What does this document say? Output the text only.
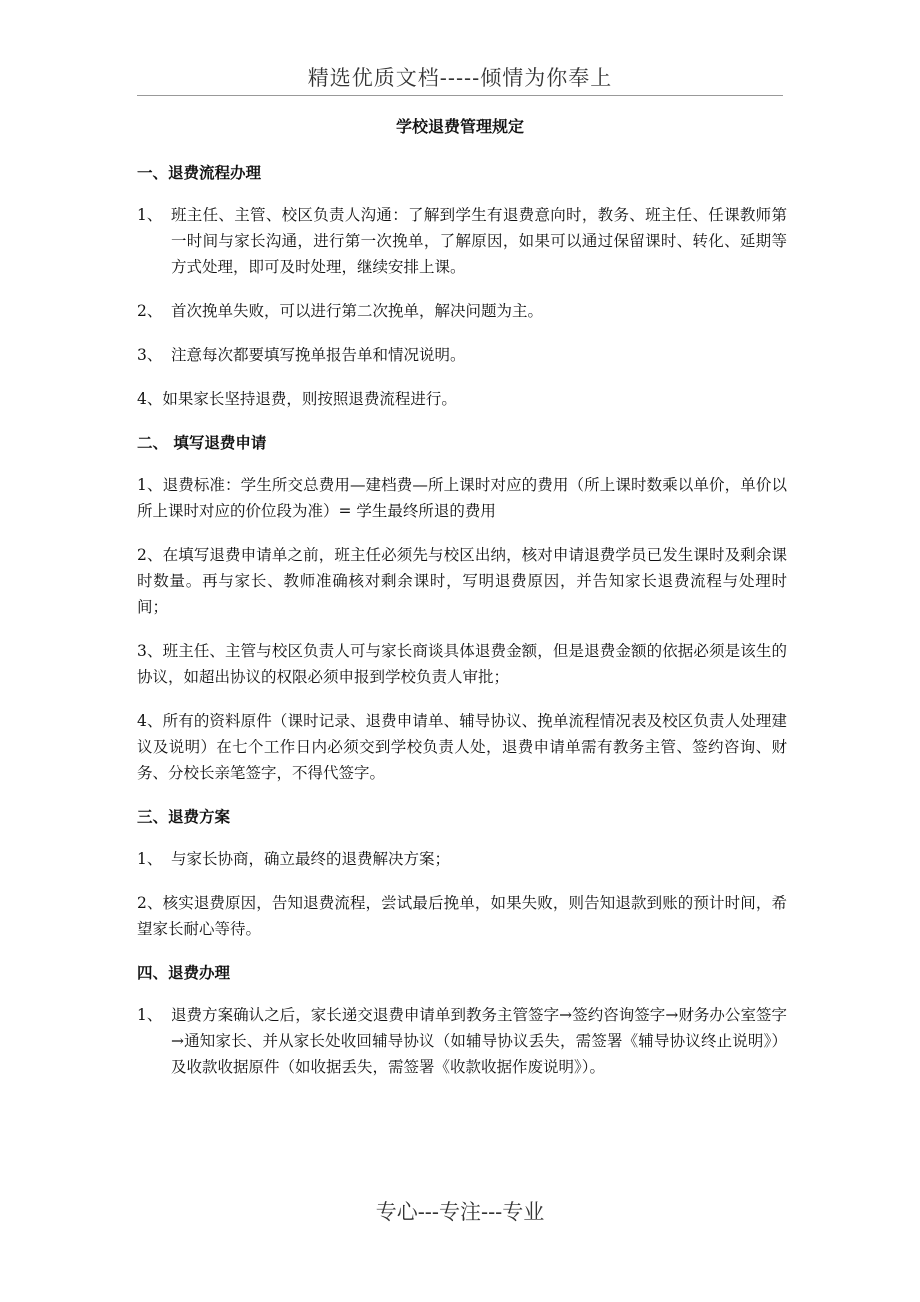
精选优质文档-----倾情为你奉上
学校退费管理规定
一、退费流程办理
1、 班主任、主管、校区负责人沟通：了解到学生有退费意向时，教务、班主任、任课教师第一时间与家长沟通，进行第一次挽单，了解原因，如果可以通过保留课时、转化、延期等方式处理，即可及时处理，继续安排上课。
2、 首次挽单失败，可以进行第二次挽单，解决问题为主。
3、 注意每次都要填写挽单报告单和情况说明。
4、如果家长坚持退费，则按照退费流程进行。
二、 填写退费申请
1、退费标准：学生所交总费用—建档费—所上课时对应的费用（所上课时数乘以单价，单价以所上课时对应的价位段为准）= 学生最终所退的费用
2、在填写退费申请单之前，班主任必须先与校区出纳，核对申请退费学员已发生课时及剩余课时数量。再与家长、教师准确核对剩余课时，写明退费原因，并告知家长退费流程与处理时间；
3、班主任、主管与校区负责人可与家长商谈具体退费金额，但是退费金额的依据必须是该生的协议，如超出协议的权限必须申报到学校负责人审批；
4、所有的资料原件（课时记录、退费申请单、辅导协议、挽单流程情况表及校区负责人处理建议及说明）在七个工作日内必须交到学校负责人处，退费申请单需有教务主管、签约咨询、财务、分校长亲笔签字，不得代签字。
三、退费方案
1、 与家长协商，确立最终的退费解决方案；
2、核实退费原因，告知退费流程，尝试最后挽单，如果失败，则告知退款到账的预计时间，希望家长耐心等待。
四、退费办理
1、 退费方案确认之后，家长递交退费申请单到教务主管签字→签约咨询签字→财务办公室签字→通知家长、并从家长处收回辅导协议（如辅导协议丢失，需签署《辅导协议终止说明》）及收款收据原件（如收据丢失，需签署《收款收据作废说明》）。
专心---专注---专业
